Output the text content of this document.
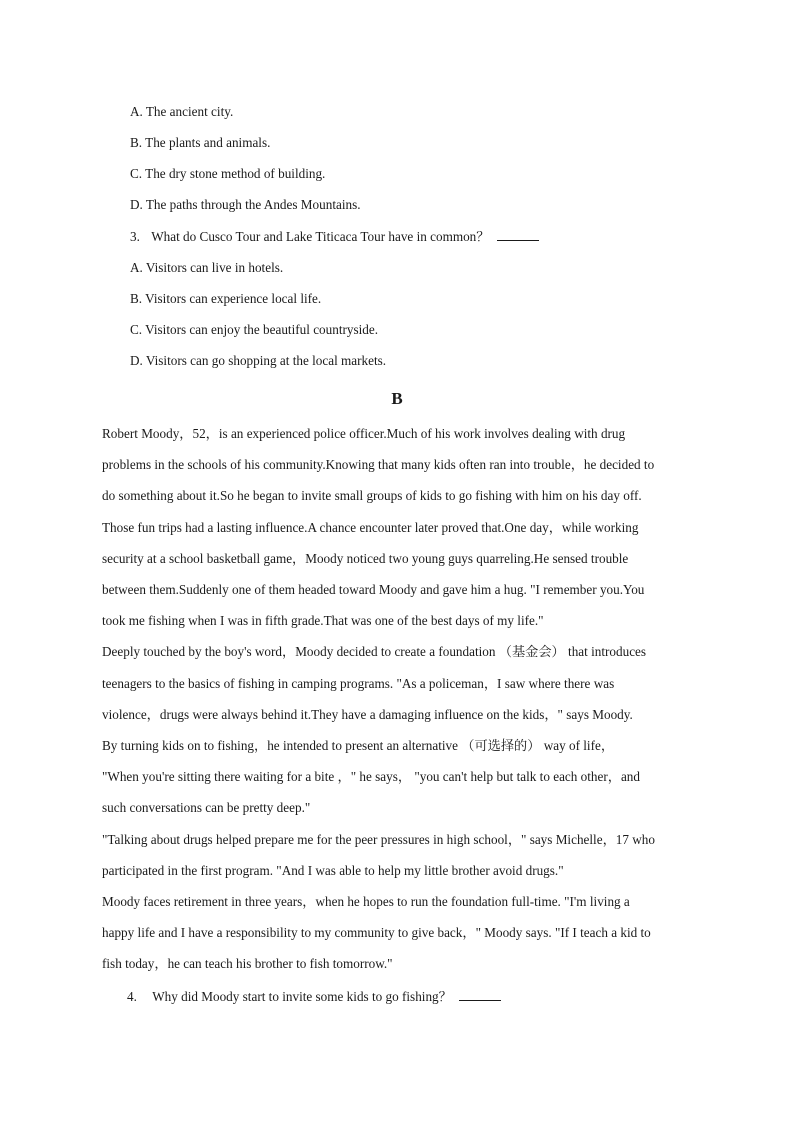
A. The ancient city.
B. The plants and animals.
C. The dry stone method of building.
D. The paths through the Andes Mountains.
3. What do Cusco Tour and Lake Titicaca Tour have in common？
A. Visitors can live in hotels.
B. Visitors can experience local life.
C. Visitors can enjoy the beautiful countryside.
D. Visitors can go shopping at the local markets.
B
Robert Moody，52，is an experienced police officer.Much of his work involves dealing with drug
problems in the schools of his community.Knowing that many kids often ran into trouble，he decided to
do something about it.So he began to invite small groups of kids to go fishing with him on his day off.
Those fun trips had a lasting influence.A chance encounter later proved that.One day，while working
security at a school basketball game，Moody noticed two young guys quarreling.He sensed trouble
between them.Suddenly one of them headed toward Moody and gave him a hug. "I remember you.You
took me fishing when I was in fifth grade.That was one of the best days of my life."
Deeply touched by the boy's word，Moody decided to create a foundation （基金会） that introduces
teenagers to the basics of fishing in camping programs. "As a policeman，I saw where there was
violence，drugs were always behind it.They have a damaging influence on the kids，" says Moody.
By turning kids on to fishing，he intended to present an alternative （可选择的） way of life，
"When you're sitting there waiting for a bite ，" he says， "you can't help but talk to each other，and
such conversations can be pretty deep."
"Talking about drugs helped prepare me for the peer pressures in high school，" says Michelle，17 who
participated in the first program. "And I was able to help my little brother avoid drugs."
Moody faces retirement in three years，when he hopes to run the foundation full-time. "I'm living a
happy life and I have a responsibility to my community to give back，" Moody says. "If I teach a kid to
fish today，he can teach his brother to fish tomorrow."
4. Why did Moody start to invite some kids to go fishing？
